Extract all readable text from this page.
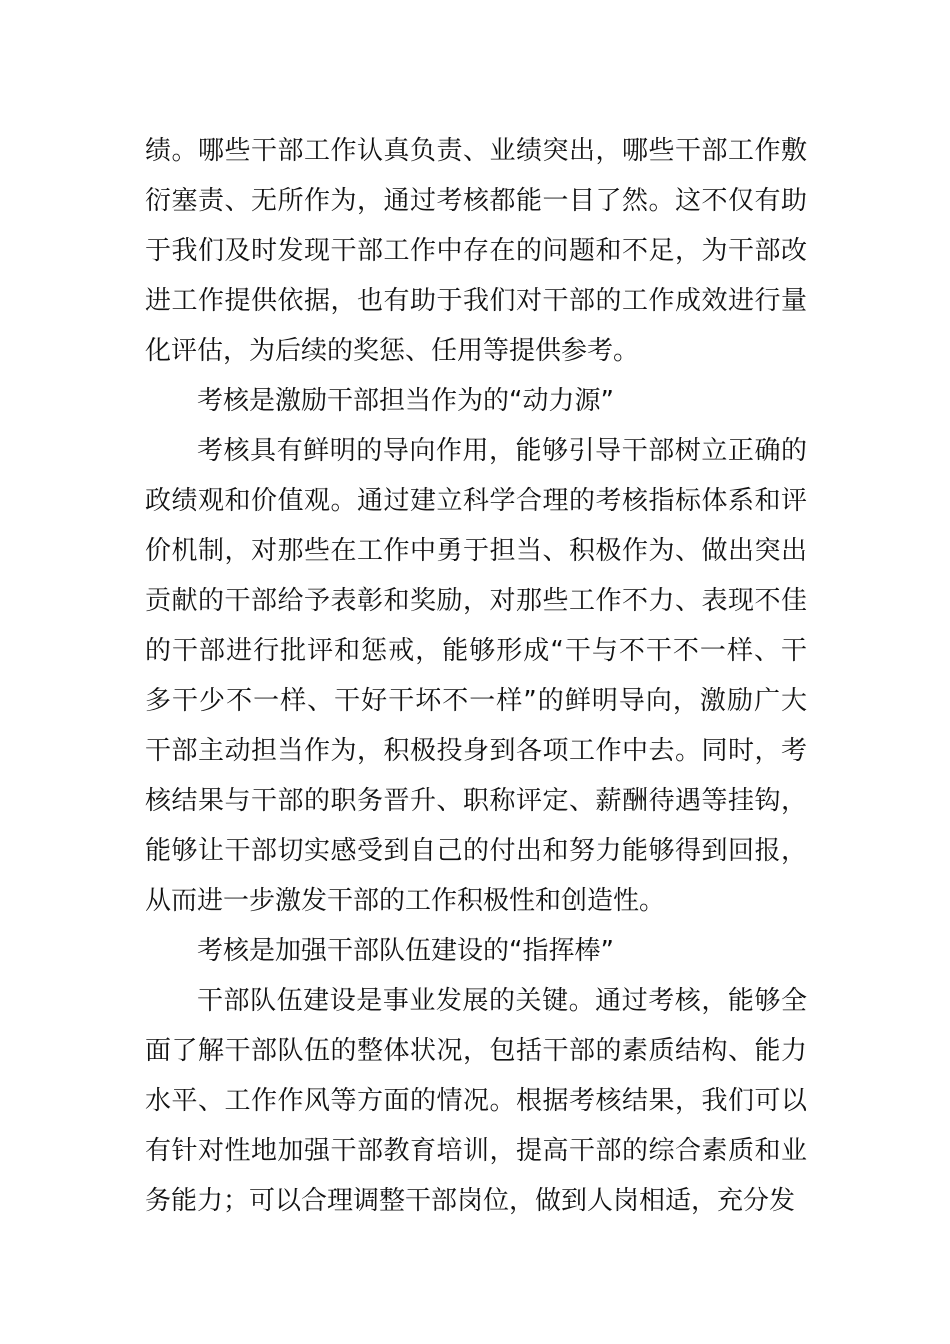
绩。哪些干部工作认真负责、业绩突出，哪些干部工作敷衍塞责、无所作为，通过考核都能一目了然。这不仅有助于我们及时发现干部工作中存在的问题和不足，为干部改进工作提供依据，也有助于我们对干部的工作成效进行量化评估，为后续的奖惩、任用等提供参考。

考核是激励干部担当作为的“动力源”

考核具有鲜明的导向作用，能够引导干部树立正确的政绩观和价值观。通过建立科学合理的考核指标体系和评价机制，对那些在工作中勇于担当、积极作为、做出突出贡献的干部给予表彰和奖励，对那些工作不力、表现不佳的干部进行批评和惩戒，能够形成“干与不干不一样、干多干少不一样、干好干坏不一样”的鲜明导向，激励广大干部主动担当作为，积极投身到各项工作中去。同时，考核结果与干部的职务晋升、职称评定、薪酬待遇等挂钩，能够让干部切实感受到自己的付出和努力能够得到回报，从而进一步激发干部的工作积极性和创造性。

考核是加强干部队伍建设的“指挥棒”

干部队伍建设是事业发展的关键。通过考核，能够全面了解干部队伍的整体状况，包括干部的素质结构、能力水平、工作作风等方面的情况。根据考核结果，我们可以有针对性地加强干部教育培训，提高干部的综合素质和业务能力；可以合理调整干部岗位，做到人岗相适，充分发
